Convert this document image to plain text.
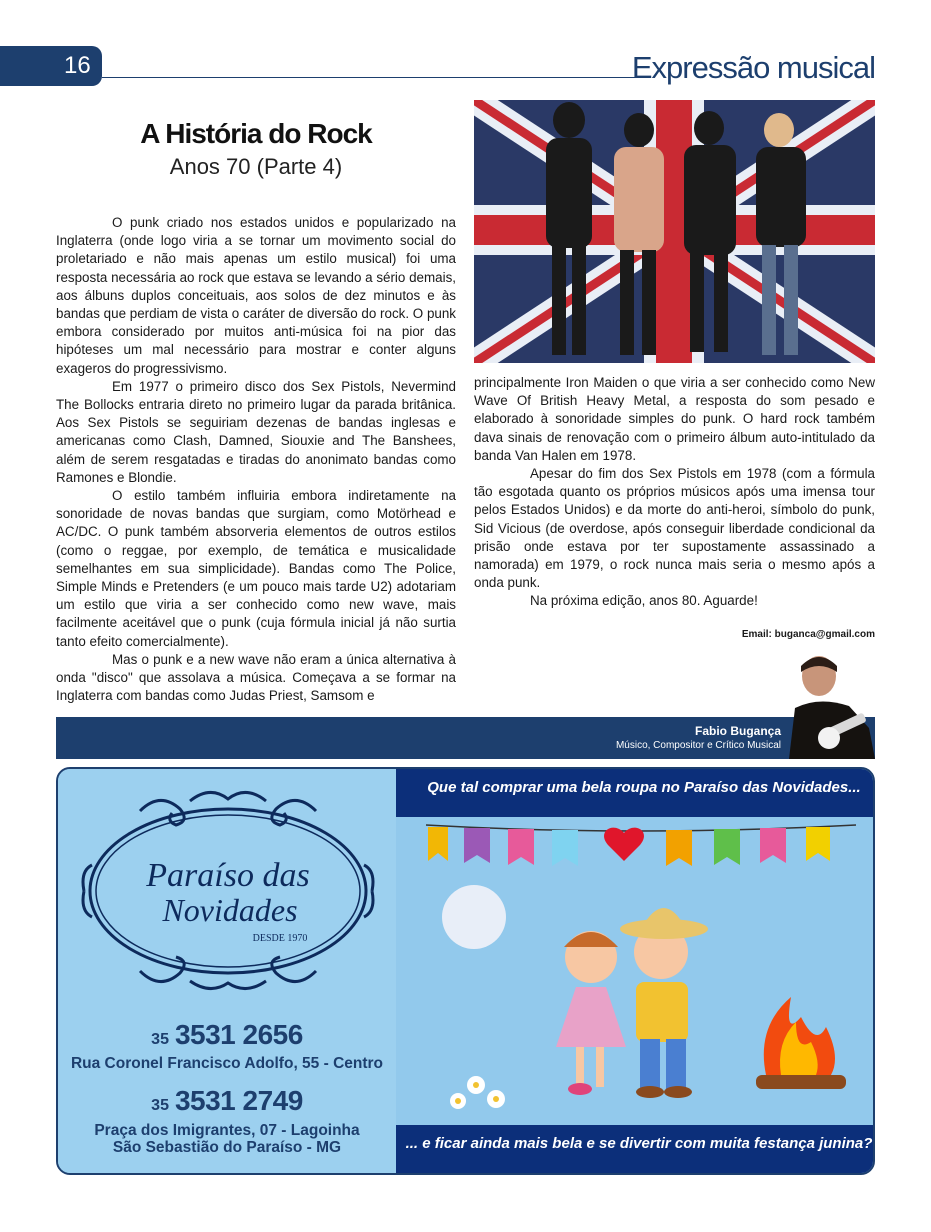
16	Expressão musical
A História do Rock
Anos 70 (Parte 4)

O punk criado nos estados unidos e popularizado na Inglaterra (onde logo viria a se tornar um movimento social do proletariado e não mais apenas um estilo musical) foi uma resposta necessária ao rock que estava se levando a sério demais, aos álbuns duplos conceituais, aos solos de dez minutos e às bandas que perdiam de vista o caráter de diversão do rock. O punk embora considerado por muitos anti-música foi na pior das hipóteses um mal necessário para mostrar e conter alguns exageros do progressivismo.

Em 1977 o primeiro disco dos Sex Pistols, Nevermind The Bollocks entraria direto no primeiro lugar da parada britânica. Aos Sex Pistols se seguiriam dezenas de bandas inglesas e americanas como Clash, Damned, Siouxie and The Banshees, além de serem resgatadas e tiradas do anonimato bandas como Ramones e Blondie.

O estilo também influiria embora indiretamente na sonoridade de novas bandas que surgiam, como Motörhead e AC/DC. O punk também absorveria elementos de outros estilos (como o reggae, por exemplo, de temática e musicalidade semelhantes em sua simplicidade). Bandas como The Police, Simple Minds e Pretenders (e um pouco mais tarde U2) adotariam um estilo que viria a ser conhecido como new wave, mais facilmente aceitável que o punk (cuja fórmula inicial já não surtia tanto efeito comercialmente).

Mas o punk e a new wave não eram a única alternativa à onda "disco" que assolava a música. Começava a se formar na Inglaterra com bandas como Judas Priest, Samsom e

principalmente Iron Maiden o que viria a ser conhecido como New Wave Of British Heavy Metal, a resposta do som pesado e elaborado à sonoridade simples do punk. O hard rock também dava sinais de renovação com o primeiro álbum auto-intitulado da banda Van Halen em 1978.

Apesar do fim dos Sex Pistols em 1978 (com a fórmula tão esgotada quanto os próprios músicos após uma imensa tour pelos Estados Unidos) e da morte do anti-heroi, símbolo do punk, Sid Vicious (de overdose, após conseguir liberdade condicional da prisão onde estava por ter supostamente assassinado a namorada) em 1979, o rock nunca mais seria o mesmo após a onda punk.

Na próxima edição, anos 80. Aguarde!

Email: buganca@gmail.com
Fabio Bugança
Músico, Compositor e Crítico Musical
Paraíso das
Novidades
DESDE 1970
35 3531 2656
Rua Coronel Francisco Adolfo, 55 - Centro
35 3531 2749
Praça dos Imigrantes, 07 - Lagoinha
São Sebastião do Paraíso - MG
Que tal comprar uma bela roupa no Paraíso das Novidades...
... e ficar ainda mais bela e se divertir com muita festança junina?
